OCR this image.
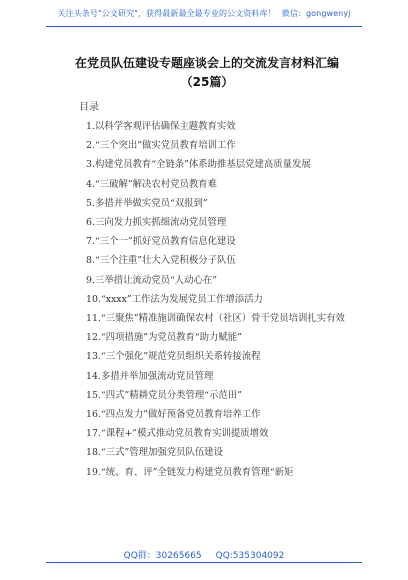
关注头条号"公文研究"，获得最新最全最专业的公文资料库！ 微信：gongwenyj
在党员队伍建设专题座谈会上的交流发言材料汇编（25篇）
目录
1.以科学客观评估确保主题教育实效
2.“三个突出”做实党员教育培训工作
3.构建党员教育“全链条”体系助推基层党建高质量发展
4.“三破解”解决农村党员教育难
5.多措并举做实党员“双报到”
6.三向发力抓实抓细流动党员管理
7.“三个一”抓好党员教育信息化建设
8.“三个注重”壮大入党积极分子队伍
9.三举措让流动党员“人动心在”
10.“xxxx”工作法为发展党员工作增添活力
11.“三聚焦”精准施训确保农村（社区）骨干党员培训扎实有效
12.“四项措施”为党员教育“助力赋能”
13.“三个强化”规范党员组织关系转接流程
14.多措并举加强流动党员管理
15.“四式”精耕党员分类管理“示范田”
16.“四点发力”做好预备党员教育培养工作
17.“课程+”模式推动党员教育实训提质增效
18.“三式”管理加强党员队伍建设
19.“统、育、评”全链发力构建党员教育管理“新矩
QQ群：30265665 QQ:535304092
